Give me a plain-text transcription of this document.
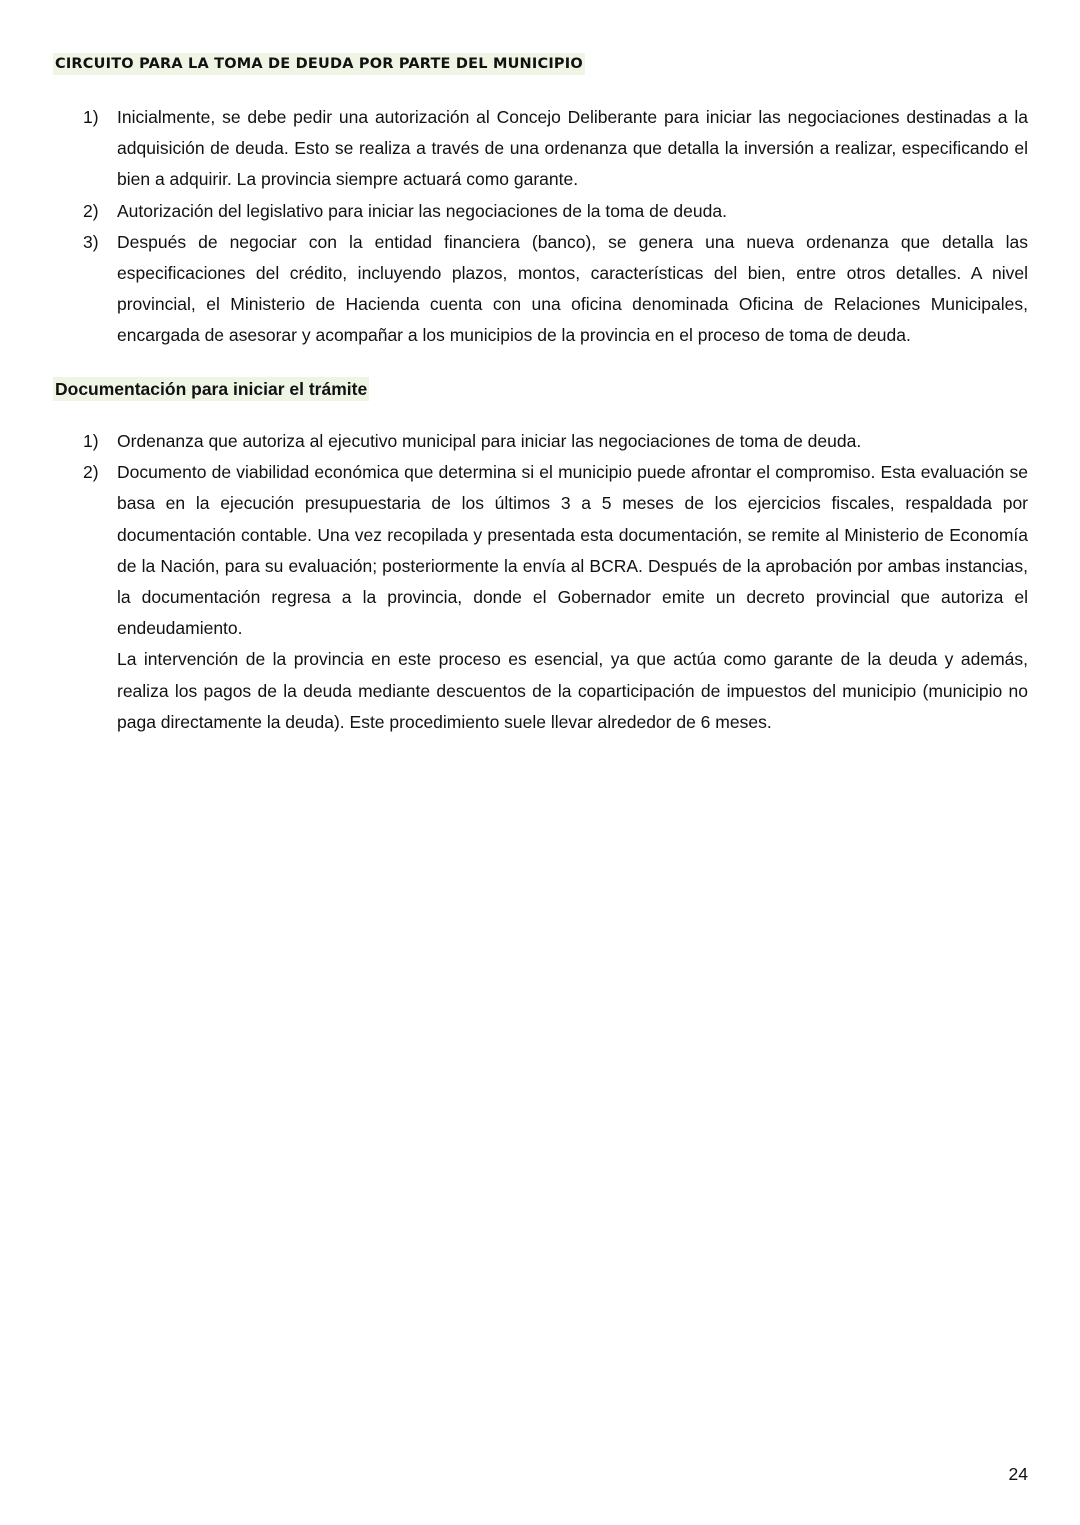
CIRCUITO PARA LA TOMA DE DEUDA POR PARTE DEL MUNICIPIO
1) Inicialmente, se debe pedir una autorización al Concejo Deliberante para iniciar las negociaciones destinadas a la adquisición de deuda. Esto se realiza a través de una ordenanza que detalla la inversión a realizar, especificando el bien a adquirir. La provincia siempre actuará como garante.

2) Autorización del legislativo para iniciar las negociaciones de la toma de deuda.

3) Después de negociar con la entidad financiera (banco), se genera una nueva ordenanza que detalla las especificaciones del crédito, incluyendo plazos, montos, características del bien, entre otros detalles. A nivel provincial, el Ministerio de Hacienda cuenta con una oficina denominada Oficina de Relaciones Municipales, encargada de asesorar y acompañar a los municipios de la provincia en el proceso de toma de deuda.

Documentación para iniciar el trámite
1) Ordenanza que autoriza al ejecutivo municipal para iniciar las negociaciones de toma de deuda.

2) Documento de viabilidad económica que determina si el municipio puede afrontar el compromiso. Esta evaluación se basa en la ejecución presupuestaria de los últimos 3 a 5 meses de los ejercicios fiscales, respaldada por documentación contable. Una vez recopilada y presentada esta documentación, se remite al Ministerio de Economía de la Nación, para su evaluación; posteriormente la envía al BCRA. Después de la aprobación por ambas instancias, la documentación regresa a la provincia, donde el Gobernador emite un decreto provincial que autoriza el endeudamiento.

La intervención de la provincia en este proceso es esencial, ya que actúa como garante de la deuda y además, realiza los pagos de la deuda mediante descuentos de la coparticipación de impuestos del municipio (municipio no paga directamente la deuda). Este procedimiento suele llevar alrededor de 6 meses.

24
